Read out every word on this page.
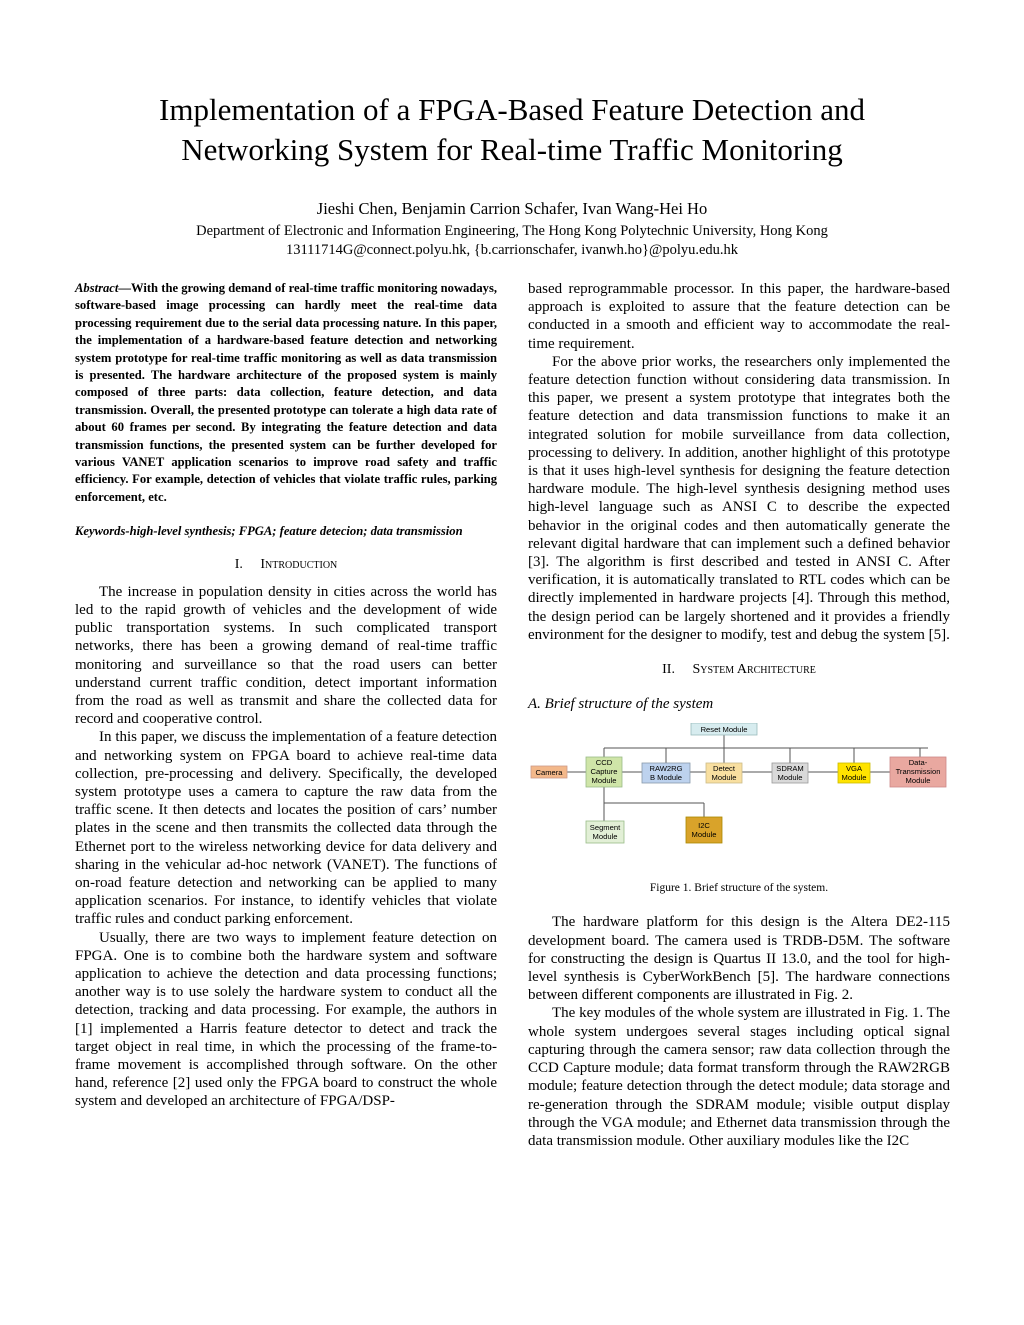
Implementation of a FPGA-Based Feature Detection and
Networking System for Real-time Traffic Monitoring
Jieshi Chen, Benjamin Carrion Schafer, Ivan Wang-Hei Ho
Department of Electronic and Information Engineering, The Hong Kong Polytechnic University, Hong Kong
13111714G@connect.polyu.hk, {b.carrionschafer, ivanwh.ho}@polyu.edu.hk
Abstract—With the growing demand of real-time traffic monitoring nowadays, software-based image processing can hardly meet the real-time data processing requirement due to the serial data processing nature. In this paper, the implementation of a hardware-based feature detection and networking system prototype for real-time traffic monitoring as well as data transmission is presented. The hardware architecture of the proposed system is mainly composed of three parts: data collection, feature detection, and data transmission. Overall, the presented prototype can tolerate a high data rate of about 60 frames per second. By integrating the feature detection and data transmission functions, the presented system can be further developed for various VANET application scenarios to improve road safety and traffic efficiency. For example, detection of vehicles that violate traffic rules, parking enforcement, etc.
Keywords-high-level synthesis; FPGA; feature detecion; data transmission
I. Introduction

The increase in population density in cities across the world has led to the rapid growth of vehicles and the development of wide public transportation systems. In such complicated transport networks, there has been a growing demand of real-time traffic monitoring and surveillance so that the road users can better understand current traffic condition, detect important information from the road as well as transmit and share the collected data for record and cooperative control.

In this paper, we discuss the implementation of a feature detection and networking system on FPGA board to achieve real-time data collection, pre-processing and delivery. Specifically, the developed system prototype uses a camera to capture the raw data from the traffic scene. It then detects and locates the position of cars’ number plates in the scene and then transmits the collected data through the Ethernet port to the wireless networking device for data delivery and sharing in the vehicular ad-hoc network (VANET). The functions of on-road feature detection and networking can be applied to many application scenarios. For instance, to identify vehicles that violate traffic rules and conduct parking enforcement.

Usually, there are two ways to implement feature detection on FPGA. One is to combine both the hardware system and software application to achieve the detection and data processing functions; another way is to use solely the hardware system to conduct all the detection, tracking and data processing. For example, the authors in [1] implemented a Harris feature detector to detect and track the target object in real time, in which the processing of the frame-to-frame movement is accomplished through software. On the other hand, reference [2] used only the FPGA board to construct the whole system and developed an architecture of FPGA/DSP-

based reprogrammable processor. In this paper, the hardware-based approach is exploited to assure that the feature detection can be conducted in a smooth and efficient way to accommodate the real-time requirement.

For the above prior works, the researchers only implemented the feature detection function without considering data transmission. In this paper, we present a system prototype that integrates both the feature detection and data transmission functions to make it an integrated solution for mobile surveillance from data collection, processing to delivery. In addition, another highlight of this prototype is that it uses high-level synthesis for designing the feature detection hardware module. The high-level synthesis designing method uses high-level language such as ANSI C to describe the expected behavior in the original codes and then automatically generate the relevant digital hardware that can implement such a defined behavior [3]. The algorithm is first described and tested in ANSI C. After verification, it is automatically translated to RTL codes which can be directly implemented in hardware projects [4]. Through this method, the design period can be largely shortened and it provides a friendly environment for the designer to modify, test and debug the system [5].

II. System Architecture
A. Brief structure of the system
Reset Module
Camera
CCD
Capture
Module
RAW2RG
B Module
Detect
Module
SDRAM
Module
VGA
Module
Data-
Transmission
Module
Segment
Module
I2C
Module
Figure 1. Brief structure of the system.

The hardware platform for this design is the Altera DE2-115 development board. The camera used is TRDB-D5M. The software for constructing the design is Quartus II 13.0, and the tool for high-level synthesis is CyberWorkBench [5]. The hardware connections between different components are illustrated in Fig. 2.

The key modules of the whole system are illustrated in Fig. 1. The whole system undergoes several stages including optical signal capturing through the camera sensor; raw data collection through the CCD Capture module; data format transform through the RAW2RGB module; feature detection through the detect module; data storage and re-generation through the SDRAM module; visible output display through the VGA module; and Ethernet data transmission through the data transmission module. Other auxiliary modules like the I2C
